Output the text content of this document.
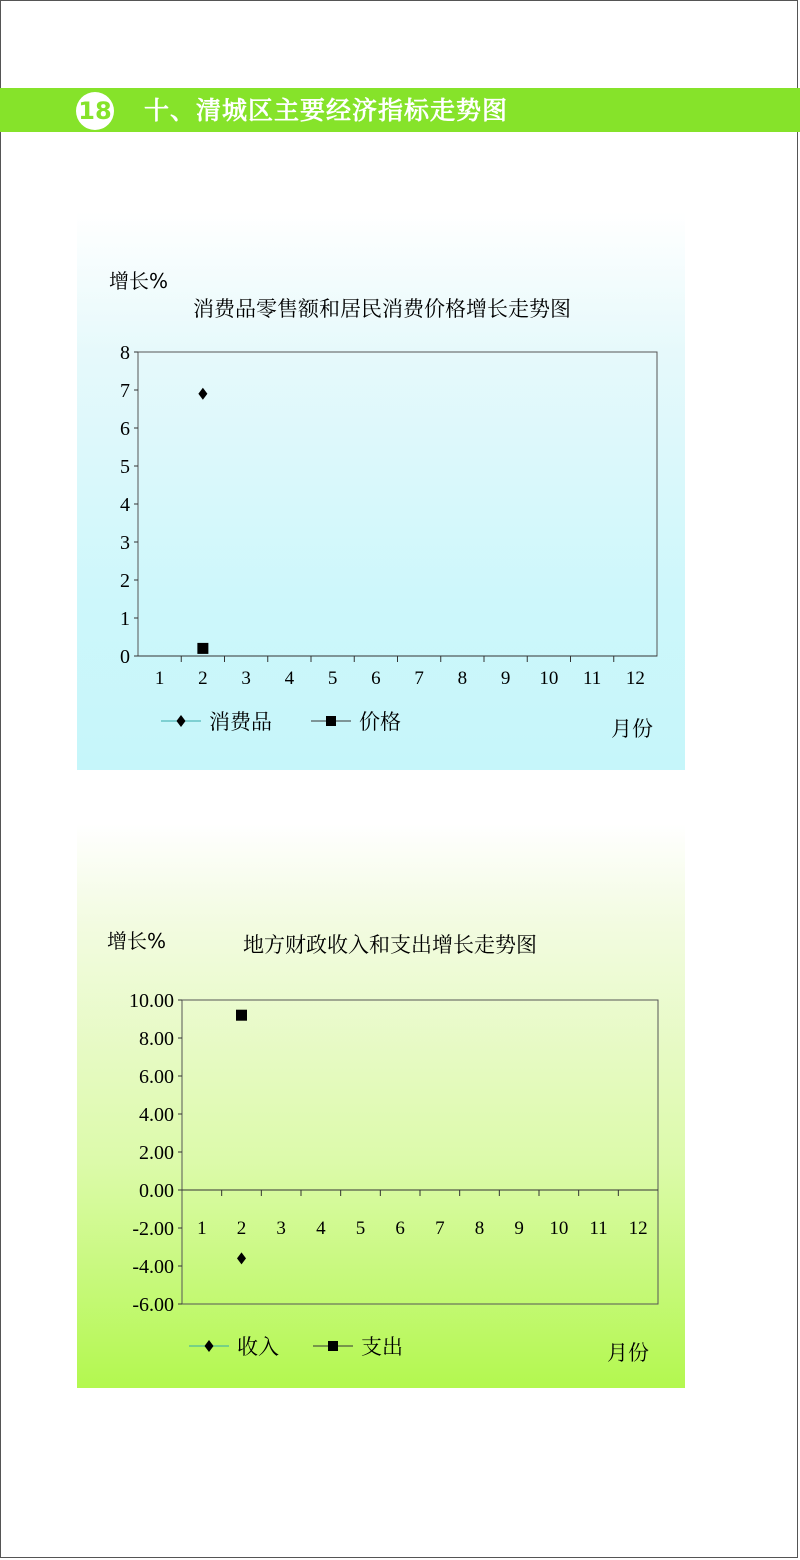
18 十、清城区主要经济指标走势图
增长%
消费品零售额和居民消费价格增长走势图
1 2 3 4 5 6 7 8 9 10 11 12
0
1
2
3
4
5
6
7
8
消费品	价格	月份
增长%	地方财政收入和支出增长走势图
1 2 3 4 5 6 7 8 9 10 11 12
10.00
8.00
6.00
4.00
2.00
0.00
-2.00
-4.00
-6.00
收入	支出	月份
